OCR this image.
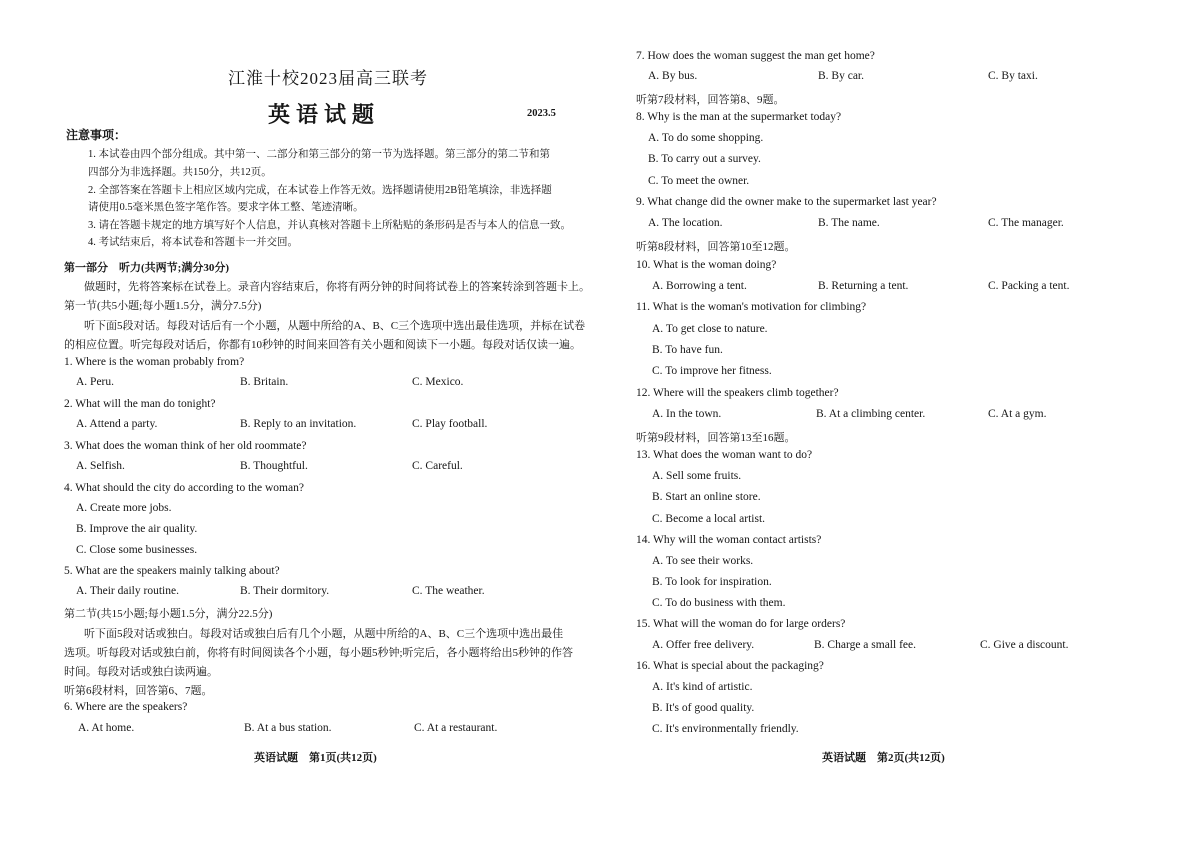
江淮十校2023届高三联考
英语试题	2023.5
注意事项：
1. 本试卷由四个部分组成。其中第一、二部分和第三部分的第一节为选择题。第三部分的第二节和第
四部分为非选择题。共150分，共12页。
2. 全部答案在答题卡上相应区域内完成，在本试卷上作答无效。选择题请使用2B铅笔填涂，非选择题
请使用0.5毫米黑色签字笔作答。要求字体工整、笔迹清晰。
3. 请在答题卡规定的地方填写好个人信息，并认真核对答题卡上所粘贴的条形码是否与本人的信息一致。
4. 考试结束后，将本试卷和答题卡一并交回。
第一部分　听力(共两节;满分30分)
做题时，先将答案标在试卷上。录音内容结束后，你将有两分钟的时间将试卷上的答案转涂到答题卡上。
第一节(共5小题;每小题1.5分，满分7.5分)
听下面5段对话。每段对话后有一个小题，从题中所给的A、B、C三个选项中选出最佳选项，并标在试卷
的相应位置。听完每段对话后，你都有10秒钟的时间来回答有关小题和阅读下一小题。每段对话仅读一遍。
1. Where is the woman probably from?
A. Peru.	B. Britain.	C. Mexico.
2. What will the man do tonight?
A. Attend a party.	B. Reply to an invitation.	C. Play football.
3. What does the woman think of her old roommate?
A. Selfish.	B. Thoughtful.	C. Careful.
4. What should the city do according to the woman?
A. Create more jobs.
B. Improve the air quality.
C. Close some businesses.
5. What are the speakers mainly talking about?
A. Their daily routine.	B. Their dormitory.	C. The weather.
第二节(共15小题;每小题1.5分，满分22.5分)
听下面5段对话或独白。每段对话或独白后有几个小题，从题中所给的A、B、C三个选项中选出最佳
选项。听每段对话或独白前，你将有时间阅读各个小题，每小题5秒钟;听完后，各小题将给出5秒钟的作答
时间。每段对话或独白读两遍。
听第6段材料，回答第6、7题。
6. Where are the speakers?
A. At home.	B. At a bus station.	C. At a restaurant.
英语试题　第1页(共12页)
7. How does the woman suggest the man get home?
A. By bus.	B. By car.	C. By taxi.
听第7段材料，回答第8、9题。
8. Why is the man at the supermarket today?
A. To do some shopping.
B. To carry out a survey.
C. To meet the owner.
9. What change did the owner make to the supermarket last year?
A. The location.	B. The name.	C. The manager.
听第8段材料，回答第10至12题。
10. What is the woman doing?
A. Borrowing a tent.	B. Returning a tent.	C. Packing a tent.
11. What is the woman's motivation for climbing?
A. To get close to nature.
B. To have fun.
C. To improve her fitness.
12. Where will the speakers climb together?
A. In the town.	B. At a climbing center.	C. At a gym.
听第9段材料，回答第13至16题。
13. What does the woman want to do?
A. Sell some fruits.
B. Start an online store.
C. Become a local artist.
14. Why will the woman contact artists?
A. To see their works.
B. To look for inspiration.
C. To do business with them.
15. What will the woman do for large orders?
A. Offer free delivery.	B. Charge a small fee.	C. Give a discount.
16. What is special about the packaging?
A. It's kind of artistic.
B. It's of good quality.
C. It's environmentally friendly.
英语试题　第2页(共12页)
